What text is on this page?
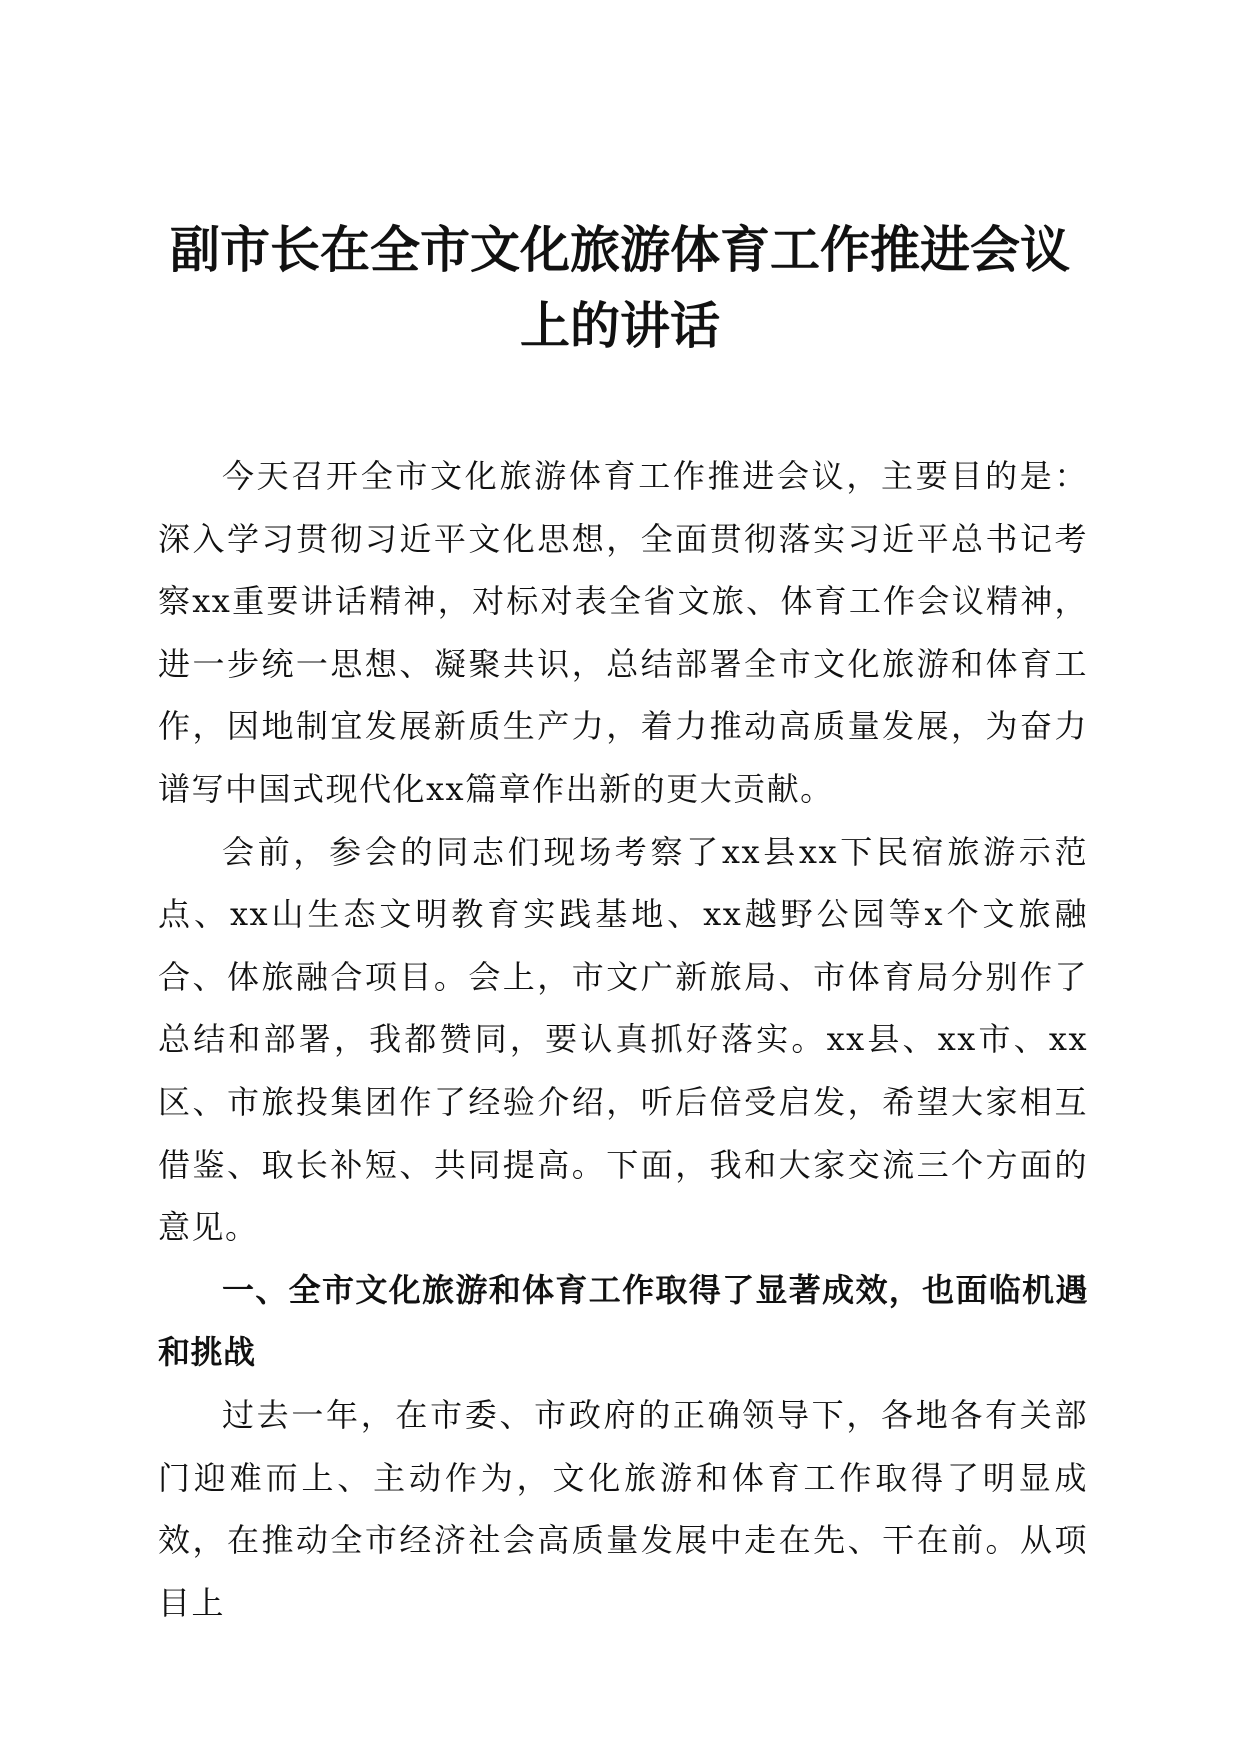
副市长在全市文化旅游体育工作推进会议上的讲话

今天召开全市文化旅游体育工作推进会议，主要目的是：深入学习贯彻习近平文化思想，全面贯彻落实习近平总书记考察xx重要讲话精神，对标对表全省文旅、体育工作会议精神，进一步统一思想、凝聚共识，总结部署全市文化旅游和体育工作，因地制宜发展新质生产力，着力推动高质量发展，为奋力谱写中国式现代化xx篇章作出新的更大贡献。

会前，参会的同志们现场考察了xx县xx下民宿旅游示范点、xx山生态文明教育实践基地、xx越野公园等x个文旅融合、体旅融合项目。会上，市文广新旅局、市体育局分别作了总结和部署，我都赞同，要认真抓好落实。xx县、xx市、xx区、市旅投集团作了经验介绍，听后倍受启发，希望大家相互借鉴、取长补短、共同提高。下面，我和大家交流三个方面的意见。

一、全市文化旅游和体育工作取得了显著成效，也面临机遇和挑战

过去一年，在市委、市政府的正确领导下，各地各有关部门迎难而上、主动作为，文化旅游和体育工作取得了明显成效，在推动全市经济社会高质量发展中走在先、干在前。从项目上
